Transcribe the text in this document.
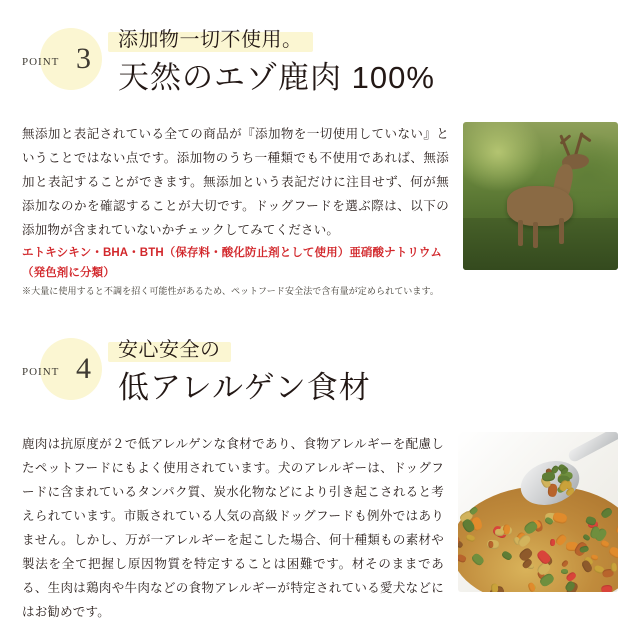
POINT 3
添加物一切不使用。
天然のエゾ鹿肉 100%

無添加と表記されている全ての商品が『添加物を一切使用していない』ということではない点です。添加物のうち一種類でも不使用であれば、無添加と表記することができます。無添加という表記だけに注目せず、何が無添加なのかを確認することが大切です。ドッグフードを選ぶ際は、以下の添加物が含まれていないかチェックしてみてください。

エトキシキン・BHA・BTH（保存料・酸化防止剤として使用）亜硝酸ナトリウム（発色剤に分類）
※大量に使用すると不調を招く可能性があるため、ペットフード安全法で含有量が定められています。
POINT 4
安心安全の
低アレルゲン食材

鹿肉は抗原度が２で低アレルゲンな食材であり、食物アレルギーを配慮したペットフードにもよく使用されています。犬のアレルギーは、ドッグフードに含まれているタンパク質、炭水化物などにより引き起こされると考えられています。市販されている人気の高級ドッグフードも例外ではありません。しかし、万が一アレルギーを起こした場合、何十種類もの素材や製法を全て把握し原因物質を特定することは困難です。材そのままである、生肉は鶏肉や牛肉などの食物アレルギーが特定されている愛犬などにはお勧めです。
